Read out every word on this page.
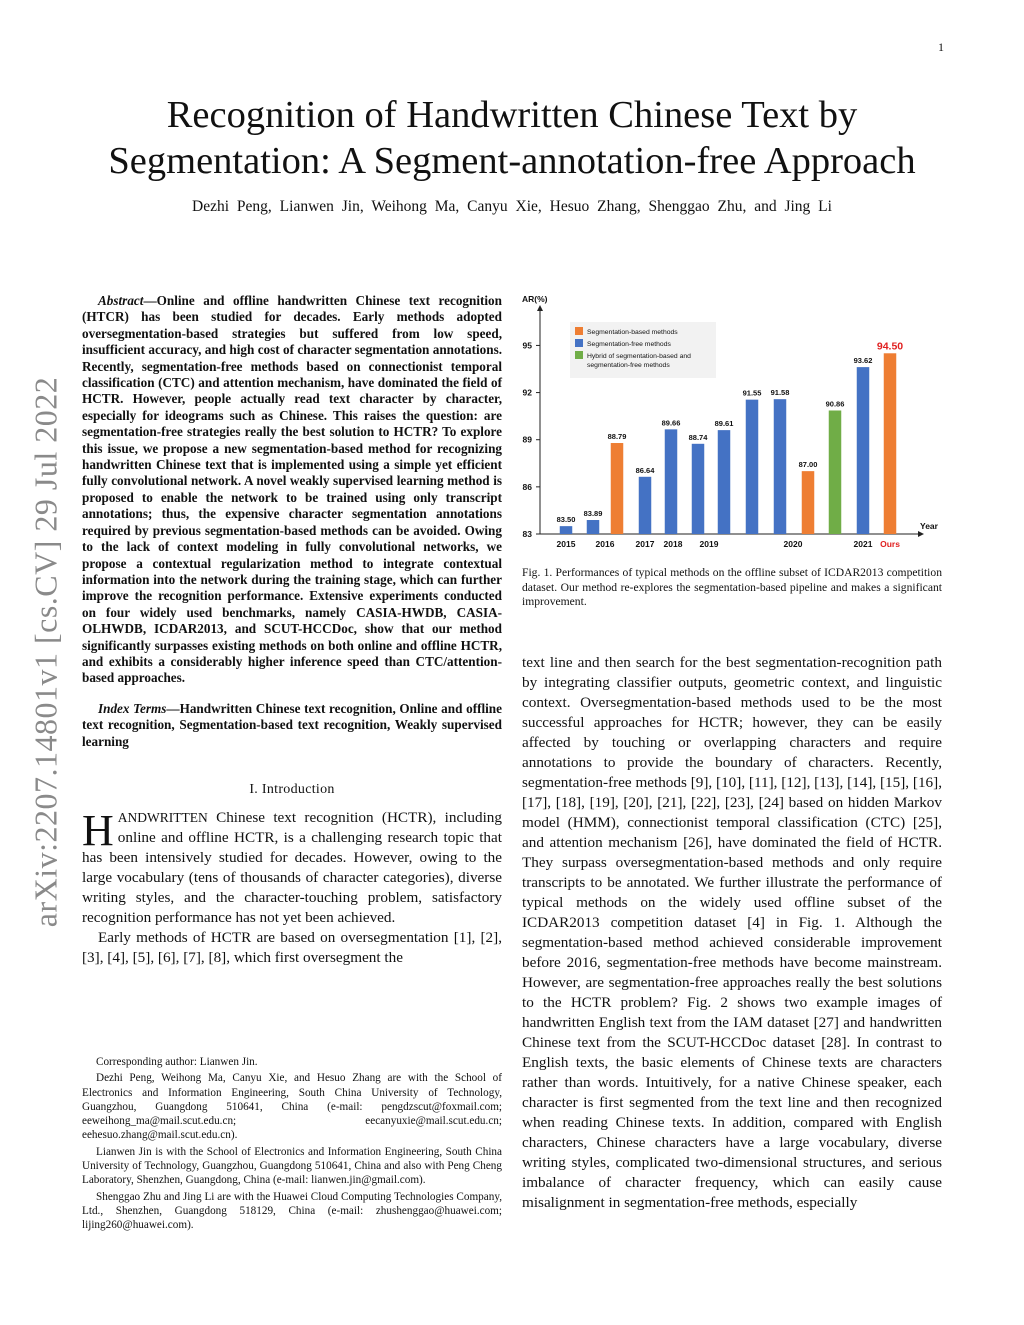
1
arXiv:2207.14801v1 [cs.CV] 29 Jul 2022
Recognition of Handwritten Chinese Text by
Segmentation: A Segment-annotation-free Approach
Dezhi Peng, Lianwen Jin, Weihong Ma, Canyu Xie, Hesuo Zhang, Shenggao Zhu, and Jing Li

Abstract—Online and offline handwritten Chinese text recognition (HTCR) has been studied for decades. Early methods adopted oversegmentation-based strategies but suffered from low speed, insufficient accuracy, and high cost of character segmentation annotations. Recently, segmentation-free methods based on connectionist temporal classification (CTC) and attention mechanism, have dominated the field of HCTR. However, people actually read text character by character, especially for ideograms such as Chinese. This raises the question: are segmentation-free strategies really the best solution to HCTR? To explore this issue, we propose a new segmentation-based method for recognizing handwritten Chinese text that is implemented using a simple yet efficient fully convolutional network. A novel weakly supervised learning method is proposed to enable the network to be trained using only transcript annotations; thus, the expensive character segmentation annotations required by previous segmentation-based methods can be avoided. Owing to the lack of context modeling in fully convolutional networks, we propose a contextual regularization method to integrate contextual information into the network during the training stage, which can further improve the recognition performance. Extensive experiments conducted on four widely used benchmarks, namely CASIA-HWDB, CASIA-OLHWDB, ICDAR2013, and SCUT-HCCDoc, show that our method significantly surpasses existing methods on both online and offline HCTR, and exhibits a considerably higher inference speed than CTC/attention-based approaches.

Index Terms—Handwritten Chinese text recognition, Online and offline text recognition, Segmentation-based text recognition, Weakly supervised learning

I. Introduction

HANDWRITTEN Chinese text recognition (HCTR), including online and offline HCTR, is a challenging research topic that has been intensively studied for decades. However, owing to the large vocabulary (tens of thousands of character categories), diverse writing styles, and the character-touching problem, satisfactory recognition performance has not yet been achieved.

Early methods of HCTR are based on oversegmentation [1], [2], [3], [4], [5], [6], [7], [8], which first oversegment the

Corresponding author: Lianwen Jin.

Dezhi Peng, Weihong Ma, Canyu Xie, and Hesuo Zhang are with the School of Electronics and Information Engineering, South China University of Technology, Guangzhou, Guangdong 510641, China (e-mail: pengdzscut@foxmail.com; eeweihong_ma@mail.scut.edu.cn; eecanyuxie@mail.scut.edu.cn; eehesuo.zhang@mail.scut.edu.cn).

Lianwen Jin is with the School of Electronics and Information Engineering, South China University of Technology, Guangzhou, Guangdong 510641, China and also with Peng Cheng Laboratory, Shenzhen, Guangdong, China (e-mail: lianwen.jin@gmail.com).

Shenggao Zhu and Jing Li are with the Huawei Cloud Computing Technologies Company, Ltd., Shenzhen, Guangdong 518129, China (e-mail: zhushenggao@huawei.com; lijing260@huawei.com).

AR(%)
Year
83
86
89
92
95
83.50
83.89
88.79
86.64
89.66
88.74
89.61
91.55 91.58
87.00
90.86
93.62
94.50
2015 2016 2017 2018 2019	2020	2021 Ours
Segmentation-based methods
Segmentation-free methods
Hybrid of segmentation-based and segmentation-free methods
Fig. 1. Performances of typical methods on the offline subset of ICDAR2013 competition dataset. Our method re-explores the segmentation-based pipeline and makes a significant improvement.

text line and then search for the best segmentation-recognition path by integrating classifier outputs, geometric context, and linguistic context. Oversegmentation-based methods used to be the most successful approaches for HCTR; however, they can be easily affected by touching or overlapping characters and require annotations to provide the boundary of characters. Recently, segmentation-free methods [9], [10], [11], [12], [13], [14], [15], [16], [17], [18], [19], [20], [21], [22], [23], [24] based on hidden Markov model (HMM), connectionist temporal classification (CTC) [25], and attention mechanism [26], have dominated the field of HCTR. They surpass oversegmentation-based methods and only require transcripts to be annotated. We further illustrate the performance of typical methods on the widely used offline subset of the ICDAR2013 competition dataset [4] in Fig. 1. Although the segmentation-based method achieved considerable improvement before 2016, segmentation-free methods have become mainstream. However, are segmentation-free approaches really the best solutions to the HCTR problem? Fig. 2 shows two example images of handwritten English text from the IAM dataset [27] and handwritten Chinese text from the SCUT-HCCDoc dataset [28]. In contrast to English texts, the basic elements of Chinese texts are characters rather than words. Intuitively, for a native Chinese speaker, each character is first segmented from the text line and then recognized when reading Chinese texts. In addition, compared with English characters, Chinese characters have a large vocabulary, diverse writing styles, complicated two-dimensional structures, and serious imbalance of character frequency, which can easily cause misalignment in segmentation-free methods, especially
